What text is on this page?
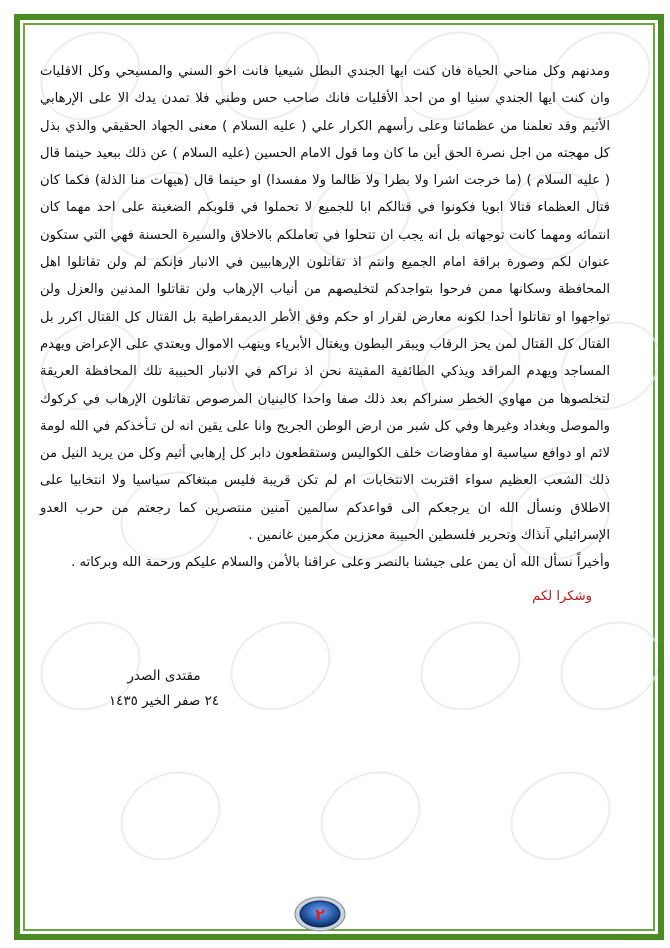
ومدنهم وكل مناحي الحياة فان كنت ايها الجندي البطل شيعيا فانت اخو السني والمسيحي وكل الاقليات وان كنت ايها الجندي سنيا او من احد الأقليات فانك صاحب حس وطني فلا تمدن يدك الا على الإرهابي الأثيم وقد تعلمنا من عظمائنا وعلى رأسهم الكرار علي ( عليه السلام ) معنى الجهاد الحقيقي والذي بذل كل مهجته من اجل نصرة الحق أين ما كان وما قول الامام الحسين (عليه السلام ) عن ذلك ببعيد حينما قال ( عليه السلام ) (ما خرجت اشرا ولا بطرا ولا ظالما ولا مفسدا) او حينما قال (هيهات منا الذلة) فكما كان قتال العظماء قتالا ابويا فكونوا في قتالكم ابا للجميع لا تحملوا في قلوبكم الضغينة على احد مهما كان انتمائه ومهما كانت توجهاته بل انه يجب ان تتحلوا في تعاملكم بالاخلاق والسيرة الحسنة فهي التي ستكون عنوان لكم وصورة براقة امام الجميع وانتم اذ تقاتلون الإرهابيين في الانبار فإنكم لم ولن تقاتلوا اهل المحافظة وسكانها ممن فرحوا بتواجدكم لتخليصهم من أنياب الإرهاب ولن تقاتلوا المدنين والعزل ولن تواجهوا او تقاتلوا أحدا لكونه معارض لقرار او حكم وفق الأطر الديمقراطية بل القتال كل القتال اكرر بل القتال كل القتال لمن يحز الرقاب ويبقر البطون ويغتال الأبرياء وينهب الاموال ويعتدي على الإعراض ويهدم المساجد ويهدم المراقد ويذكي الطائفية المقيتة نحن اذ نراكم في الانبار الحبيبة تلك المحافظة العريقة لتخلصوها من مهاوي الخطر سنراكم بعد ذلك صفا واحدا كالبنيان المرصوص تقاتلون الإرهاب في كركوك والموصل وبغداد وغيرها وفي كل شبر من ارض الوطن الجريح وانا على يقين انه لن تـأخذكم في الله لومة لائم او دوافع سياسية او مفاوضات خلف الكواليس وستقطعون دابر كل إرهابي أثيم وكل من يريد النيل من ذلك الشعب العظيم سواء اقتربت الانتخابات ام لم تكن قريبة فليس مبتغاكم سياسيا ولا انتخابيا على الاطلاق ونسأل الله ان يرجعكم الى قواعدكم سالمين آمنين منتصرين كما رجعتم من حرب العدو الإسرائيلي آنذاك وتحرير فلسطين الحبيبة معززين مكرمين غانمين .

وأخيراً نسأل الله أن يمن على جيشنا بالنصر وعلى عراقنا بالأمن والسلام عليكم ورحمة الله وبركاته .

وشكرا لكم
مقتدى الصدر
٢٤ صفر الخير ١٤٣٥
٢
